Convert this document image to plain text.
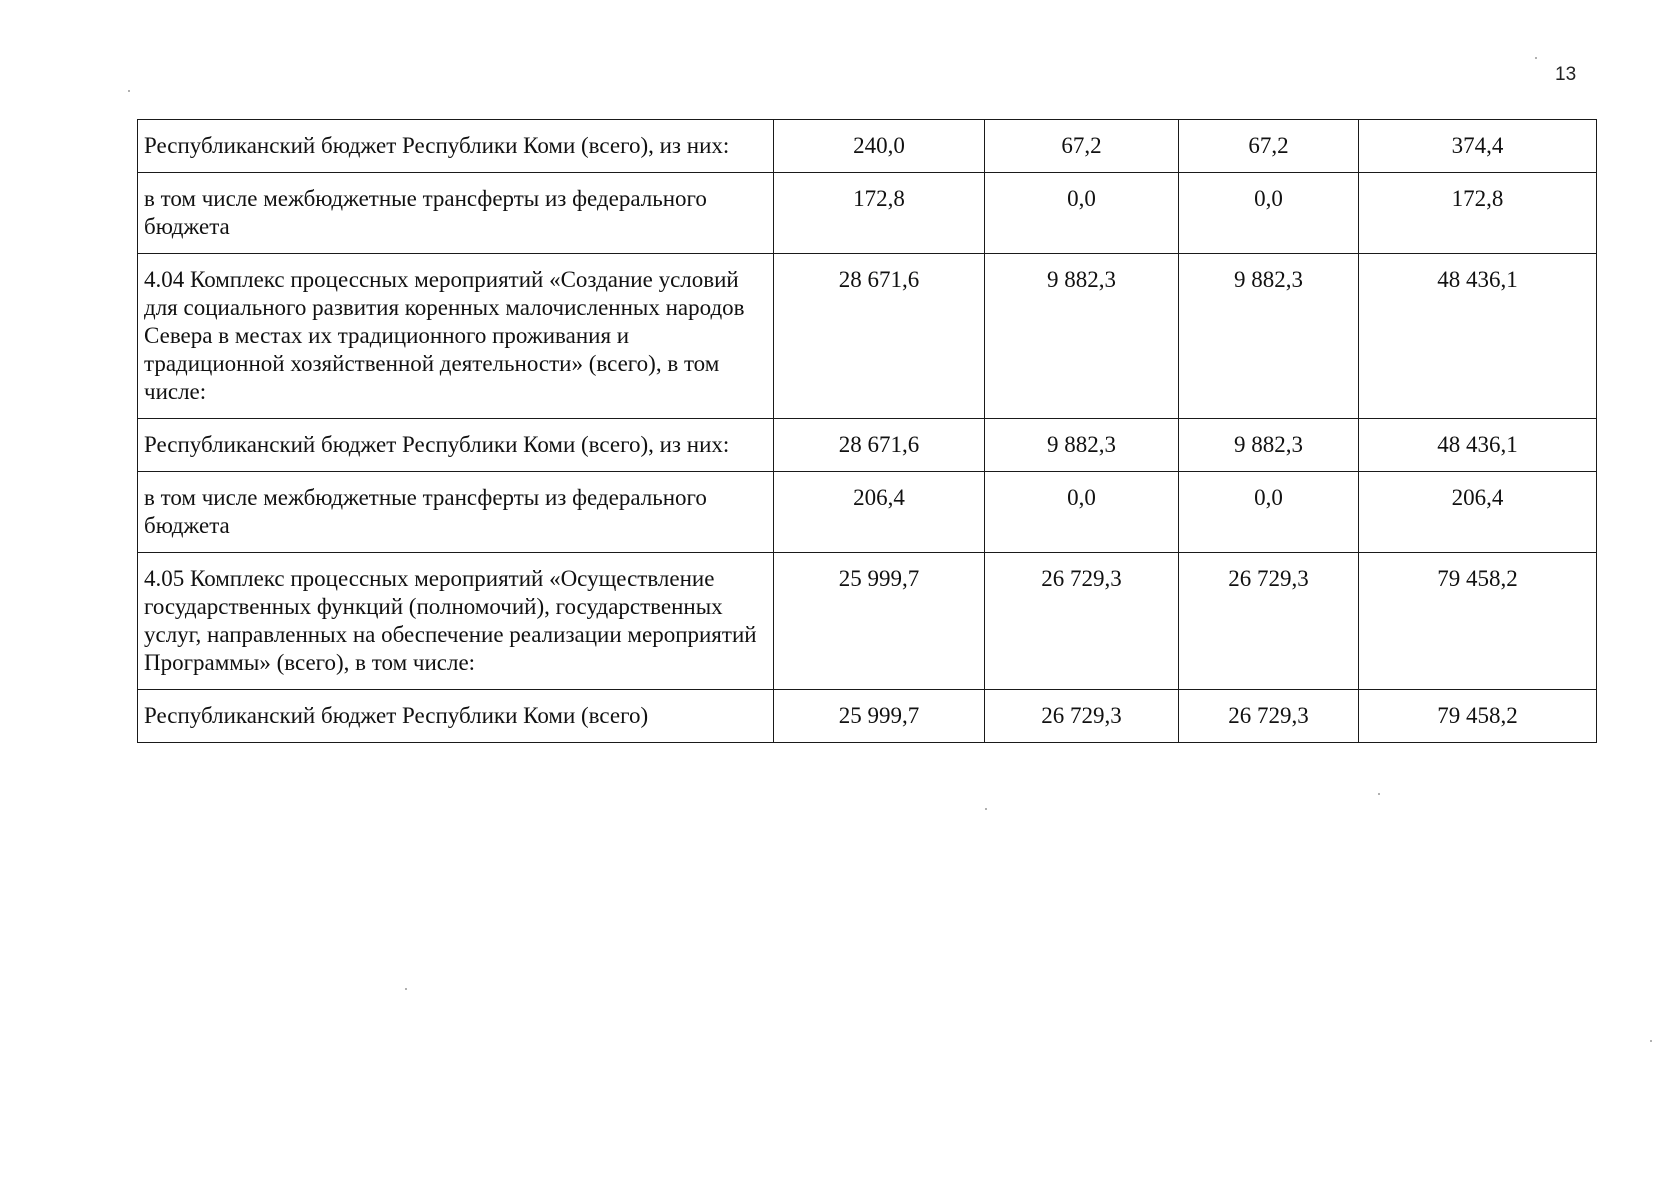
13
Республиканский бюджет Республики Коми (всего), из них:	240,0	67,2	67,2	374,4
в том числе межбюджетные трансферты из федерального бюджета	172,8	0,0	0,0	172,8
4.04 Комплекс процессных мероприятий «Создание условий для социального развития коренных малочисленных народов Севера в местах их традиционного проживания и традиционной хозяйственной деятельности» (всего), в том числе:	28 671,6	9 882,3	9 882,3	48 436,1
Республиканский бюджет Республики Коми (всего), из них:	28 671,6	9 882,3	9 882,3	48 436,1
в том числе межбюджетные трансферты из федерального бюджета	206,4	0,0	0,0	206,4
4.05 Комплекс процессных мероприятий «Осуществление государственных функций (полномочий), государственных услуг, направленных на обеспечение реализации мероприятий Программы» (всего), в том числе:	25 999,7	26 729,3	26 729,3	79 458,2
Республиканский бюджет Республики Коми (всего)	25 999,7	26 729,3	26 729,3	79 458,2
